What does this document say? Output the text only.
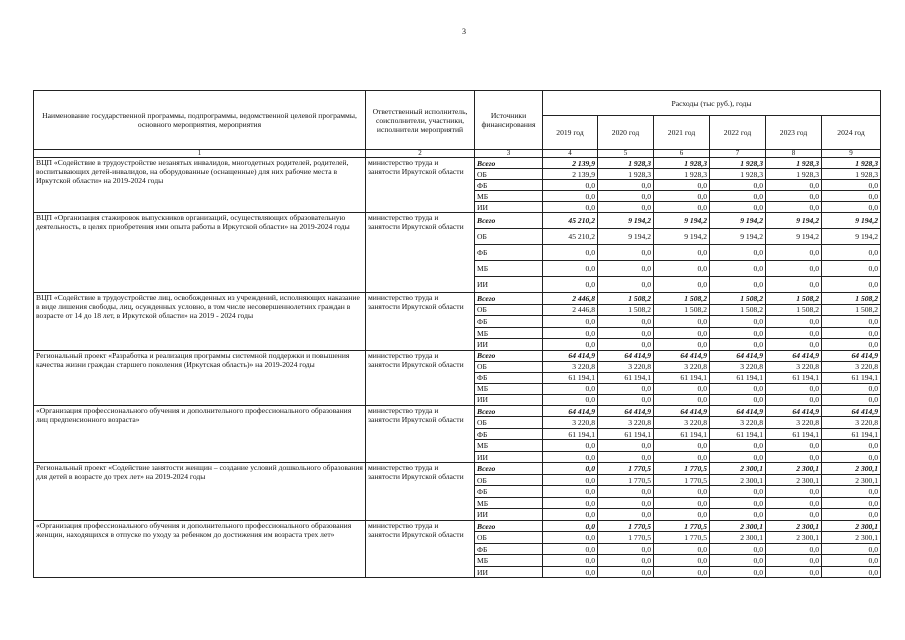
3
Наименование государственной программы, подпрограммы, ведомственной целевой программы, основного мероприятия, мероприятия	Ответственный исполнитель, соисполнители, участники, исполнители мероприятий	Источники финансирования	Расходы (тыс руб.), годы					
			2019 год	2020 год	2021 год	2022 год	2023 год	2024 год
1	2	3	4	5	6	7	8	9
ВЦП «Содействие в трудоустройстве незанятых инвалидов, многодетных родителей, родителей, воспитывающих детей-инвалидов, на оборудованные (оснащенные) для них рабочие места в Иркутской области» на 2019-2024 годы	министерство труда и занятости Иркутской области	Всего	2 139,9	1 928,3	1 928,3	1 928,3	1 928,3	1 928,3
		ОБ	2 139,9	1 928,3	1 928,3	1 928,3	1 928,3	1 928,3
		ФБ	0,0	0,0	0,0	0,0	0,0	0,0
		МБ	0,0	0,0	0,0	0,0	0,0	0,0
		ИИ	0,0	0,0	0,0	0,0	0,0	0,0
ВЦП «Организация стажировок выпускников организаций, осуществляющих образовательную деятельность, в целях приобретения ими опыта работы в Иркутской области» на 2019-2024 годы	министерство труда и занятости Иркутской области	Всего	45 210,2	9 194,2	9 194,2	9 194,2	9 194,2	9 194,2
		ОБ	45 210,2	9 194,2	9 194,2	9 194,2	9 194,2	9 194,2
		ФБ	0,0	0,0	0,0	0,0	0,0	0,0
		МБ	0,0	0,0	0,0	0,0	0,0	0,0
		ИИ	0,0	0,0	0,0	0,0	0,0	0,0
ВЦП «Содействие в трудоустройстве лиц, освобожденных из учреждений, исполняющих наказание в виде лишения свободы, лиц, осужденных условно, в том числе несовершеннолетних граждан в возрасте от 14 до 18 лет, в Иркутской области» на 2019 - 2024 годы	министерство труда и занятости Иркутской области	Всего	2 446,8	1 508,2	1 508,2	1 508,2	1 508,2	1 508,2
		ОБ	2 446,8	1 508,2	1 508,2	1 508,2	1 508,2	1 508,2
		ФБ	0,0	0,0	0,0	0,0	0,0	0,0
		МБ	0,0	0,0	0,0	0,0	0,0	0,0
		ИИ	0,0	0,0	0,0	0,0	0,0	0,0
Региональный проект «Разработка и реализация программы системной поддержки и повышения качества жизни граждан старшего поколения (Иркутская область)» на 2019-2024 годы	министерство труда и занятости Иркутской области	Всего	64 414,9	64 414,9	64 414,9	64 414,9	64 414,9	64 414,9
		ОБ	3 220,8	3 220,8	3 220,8	3 220,8	3 220,8	3 220,8
		ФБ	61 194,1	61 194,1	61 194,1	61 194,1	61 194,1	61 194,1
		МБ	0,0	0,0	0,0	0,0	0,0	0,0
		ИИ	0,0	0,0	0,0	0,0	0,0	0,0
«Организация профессионального обучения и дополнительного профессионального образования лиц предпенсионного возраста»	министерство труда и занятости Иркутской области	Всего	64 414,9	64 414,9	64 414,9	64 414,9	64 414,9	64 414,9
		ОБ	3 220,8	3 220,8	3 220,8	3 220,8	3 220,8	3 220,8
		ФБ	61 194,1	61 194,1	61 194,1	61 194,1	61 194,1	61 194,1
		МБ	0,0	0,0	0,0	0,0	0,0	0,0
		ИИ	0,0	0,0	0,0	0,0	0,0	0,0
Региональный проект «Содействие занятости женщин – создание условий дошкольного образования для детей в возрасте до трех лет» на 2019-2024 годы	министерство труда и занятости Иркутской области	Всего	0,0	1 770,5	1 770,5	2 300,1	2 300,1	2 300,1
		ОБ	0,0	1 770,5	1 770,5	2 300,1	2 300,1	2 300,1
		ФБ	0,0	0,0	0,0	0,0	0,0	0,0
		МБ	0,0	0,0	0,0	0,0	0,0	0,0
		ИИ	0,0	0,0	0,0	0,0	0,0	0,0
«Организация профессионального обучения и дополнительного профессионального образования женщин, находящихся в отпуске по уходу за ребенком до достижения им возраста трех лет»	министерство труда и занятости Иркутской области	Всего	0,0	1 770,5	1 770,5	2 300,1	2 300,1	2 300,1
		ОБ	0,0	1 770,5	1 770,5	2 300,1	2 300,1	2 300,1
		ФБ	0,0	0,0	0,0	0,0	0,0	0,0
		МБ	0,0	0,0	0,0	0,0	0,0	0,0
		ИИ	0,0	0,0	0,0	0,0	0,0	0,0
